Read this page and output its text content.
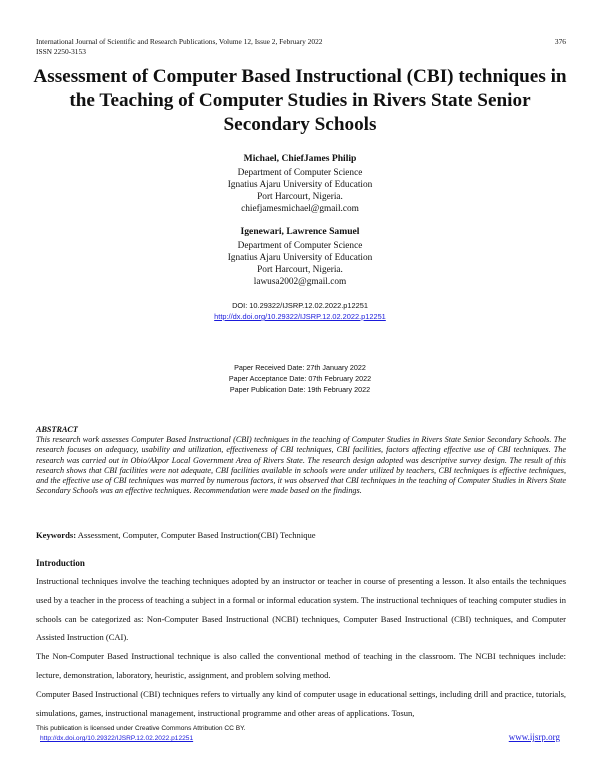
International Journal of Scientific and Research Publications, Volume 12, Issue 2, February 2022
ISSN 2250-3153
376
Assessment of Computer Based Instructional (CBI) techniques in the Teaching of Computer Studies in Rivers State Senior Secondary Schools
Michael, ChiefJames Philip
Department of Computer Science
Ignatius Ajaru University of Education
Port Harcourt, Nigeria.
chiefjamesmichael@gmail.com
Igenewari, Lawrence Samuel
Department of Computer Science
Ignatius Ajaru University of Education
Port Harcourt, Nigeria.
lawusa2002@gmail.com
DOI: 10.29322/IJSRP.12.02.2022.p12251
http://dx.doi.org/10.29322/IJSRP.12.02.2022.p12251
Paper Received Date: 27th January 2022
Paper Acceptance Date: 07th February 2022
Paper Publication Date: 19th February 2022
ABSTRACT
This research work assesses Computer Based Instructional (CBI) techniques in the teaching of Computer Studies in Rivers State Senior Secondary Schools. The research focuses on adequacy, usability and utilization, effectiveness of CBI techniques, CBI facilities, factors affecting effective use of CBI techniques. The research was carried out in Obio/Akpor Local Government Area of Rivers State. The research design adopted was descriptive survey design. The result of this research shows that CBI facilities were not adequate, CBI facilities available in schools were under utilized by teachers, CBI techniques is effective techniques, and the effective use of CBI techniques was marred by numerous factors, it was observed that CBI techniques in the teaching of Computer Studies in Rivers State Secondary Schools was an effective techniques. Recommendation were made based on the findings.
Keywords: Assessment, Computer, Computer Based Instruction(CBI) Technique
Introduction
Instructional techniques involve the teaching techniques adopted by an instructor or teacher in course of presenting a lesson. It also entails the techniques used by a teacher in the process of teaching a subject in a formal or informal education system. The instructional techniques of teaching computer studies in schools can be categorized as: Non-Computer Based Instructional (NCBI) techniques, Computer Based Instructional (CBI) techniques, and Computer Assisted Instruction (CAI).
The Non-Computer Based Instructional technique is also called the conventional method of teaching in the classroom. The NCBI techniques include: lecture, demonstration, laboratory, heuristic, assignment, and problem solving method.
Computer Based Instructional (CBI) techniques refers to virtually any kind of computer usage in educational settings, including drill and practice, tutorials, simulations, games, instructional management, instructional programme and other areas of applications. Tosun,
This publication is licensed under Creative Commons Attribution CC BY.
http://dx.doi.org/10.29322/IJSRP.12.02.2022.p12251	www.ijsrp.org
